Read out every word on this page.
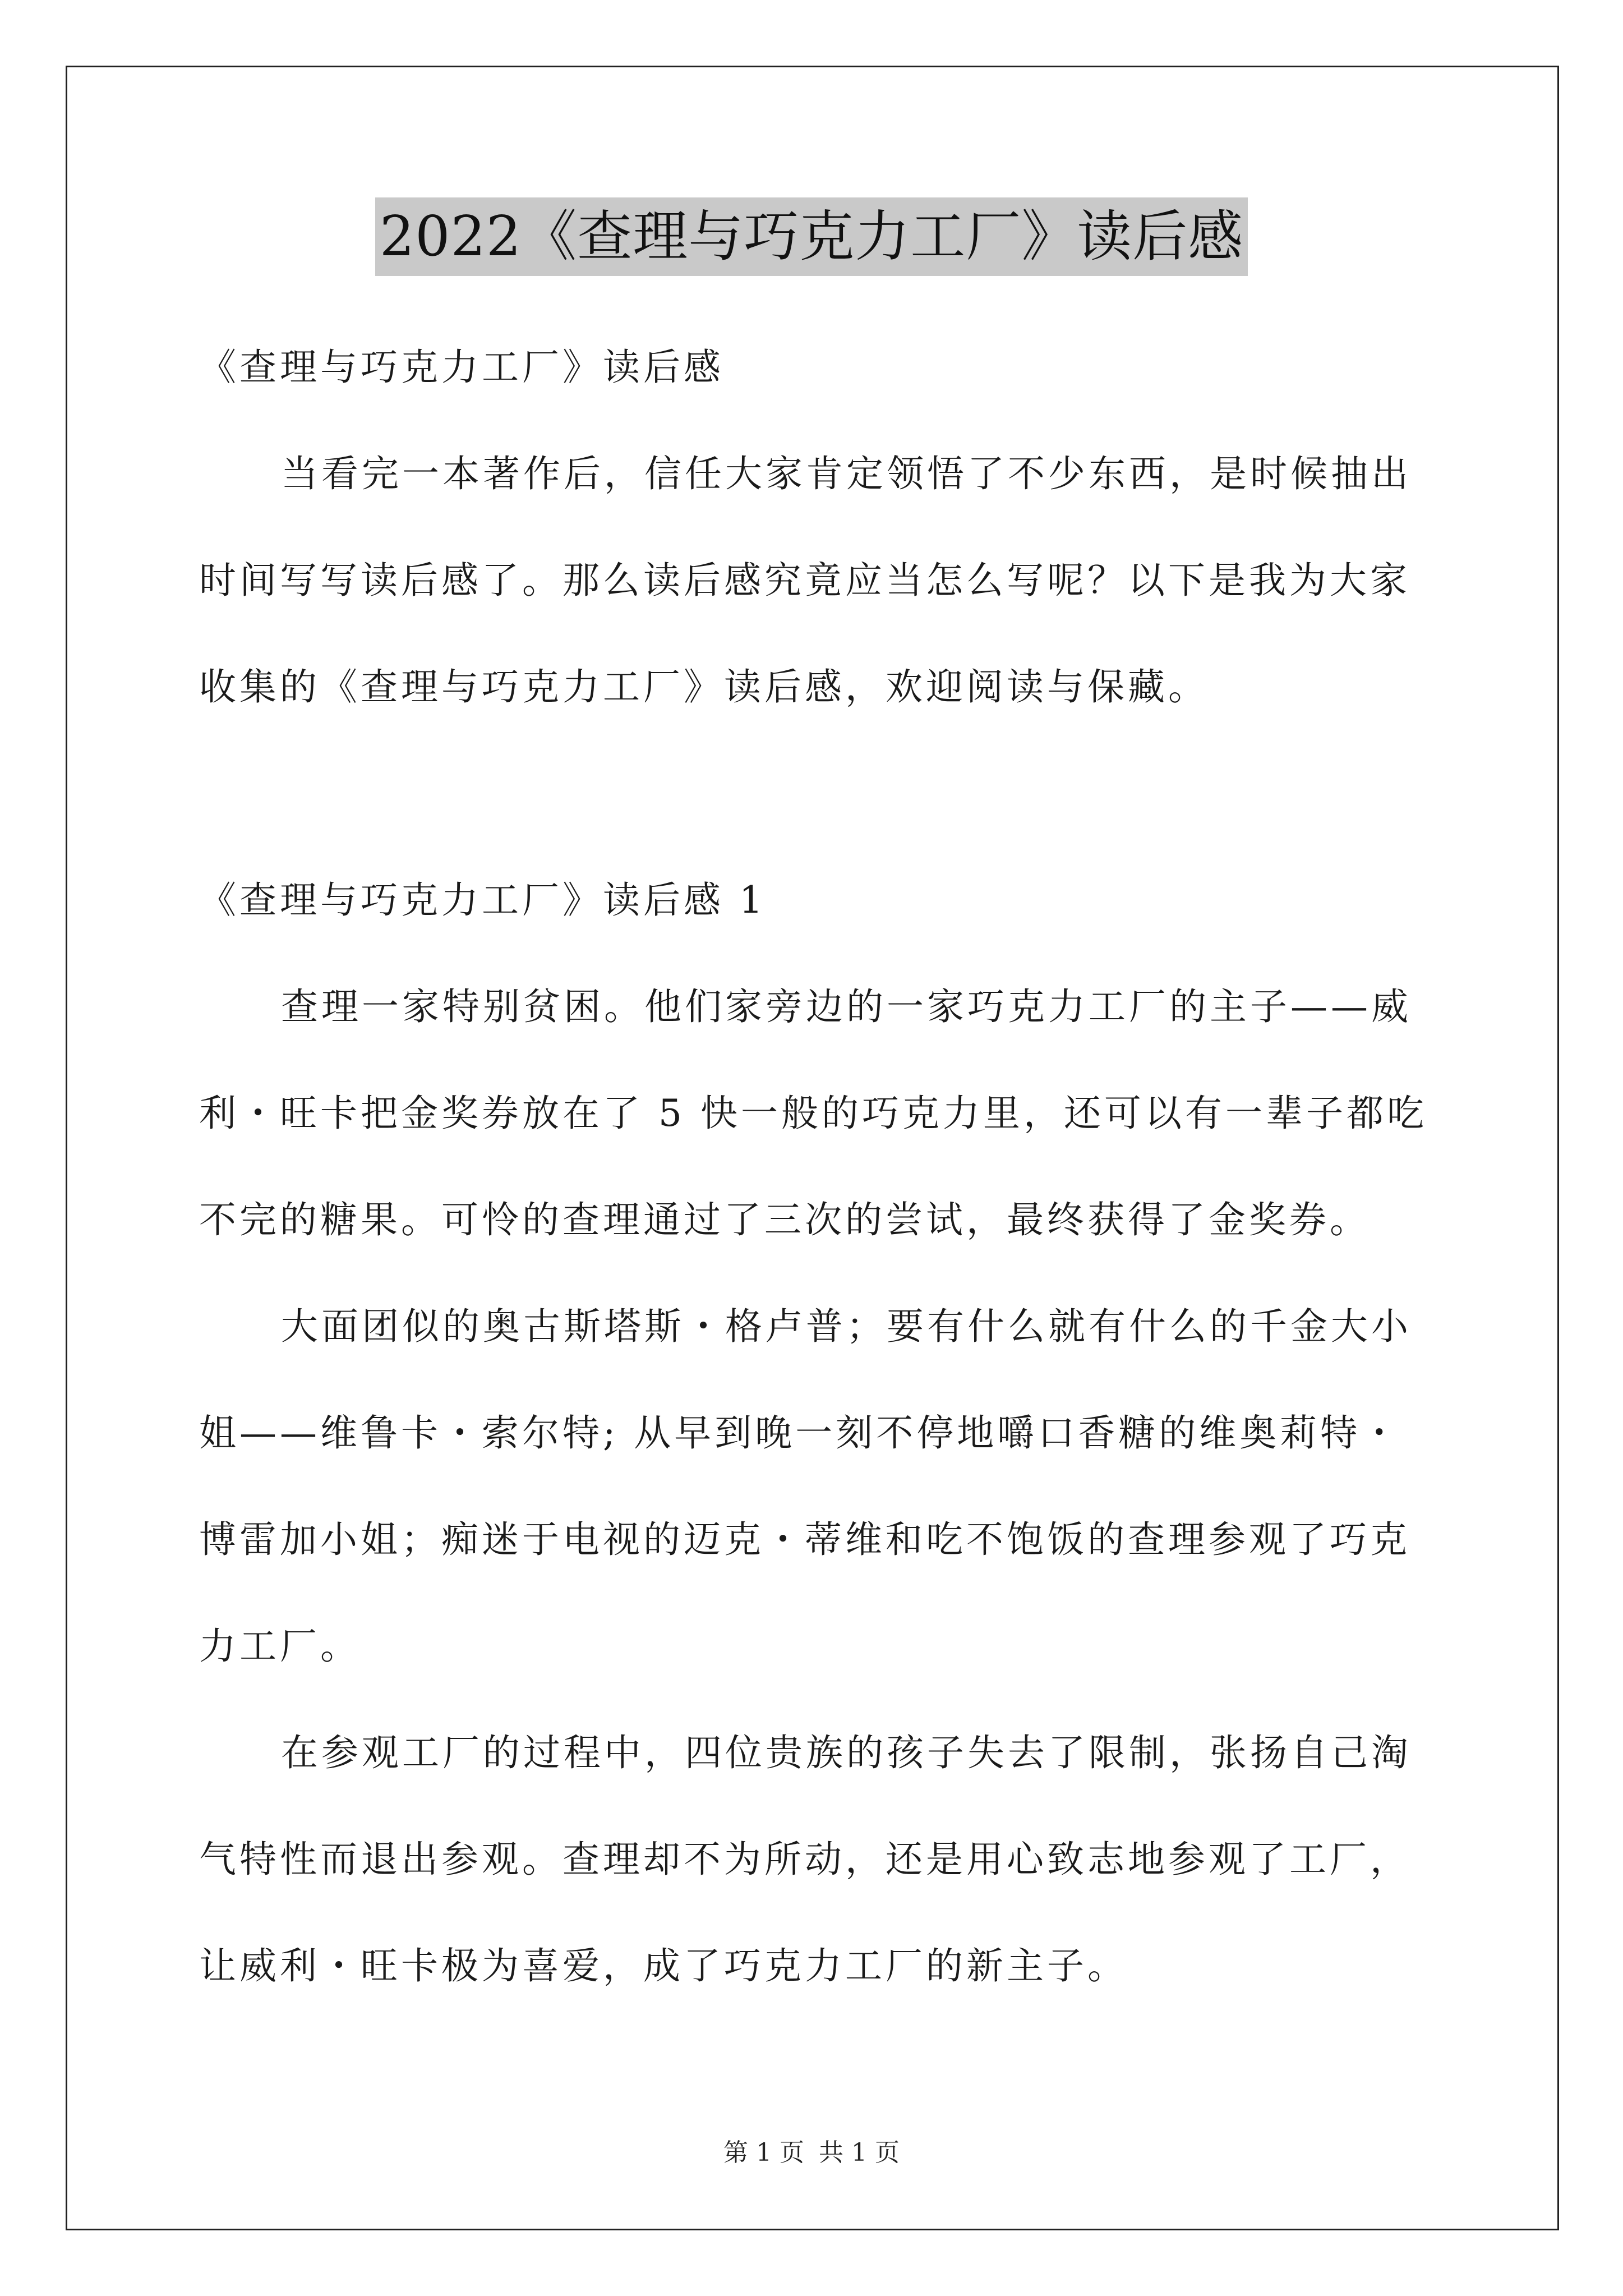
2022《查理与巧克力工厂》读后感

《查理与巧克力工厂》读后感

当看完一本著作后，信任大家肯定领悟了不少东西，是时候抽出时间写写读后感了。那么读后感究竟应当怎么写呢？以下是我为大家收集的《查理与巧克力工厂》读后感，欢迎阅读与保藏。

《查理与巧克力工厂》读后感 1

查理一家特别贫困。他们家旁边的一家巧克力工厂的主子——威利・旺卡把金奖券放在了 5 快一般的巧克力里，还可以有一辈子都吃不完的糖果。可怜的查理通过了三次的尝试，最终获得了金奖券。

大面团似的奥古斯塔斯・格卢普；要有什么就有什么的千金大小姐——维鲁卡・索尔特; 从早到晚一刻不停地嚼口香糖的维奥莉特・博雷加小姐；痴迷于电视的迈克・蒂维和吃不饱饭的查理参观了巧克力工厂。

在参观工厂的过程中，四位贵族的孩子失去了限制，张扬自己淘气特性而退出参观。查理却不为所动，还是用心致志地参观了工厂，让威利・旺卡极为喜爱，成了巧克力工厂的新主子。

第 1 页 共 1 页
